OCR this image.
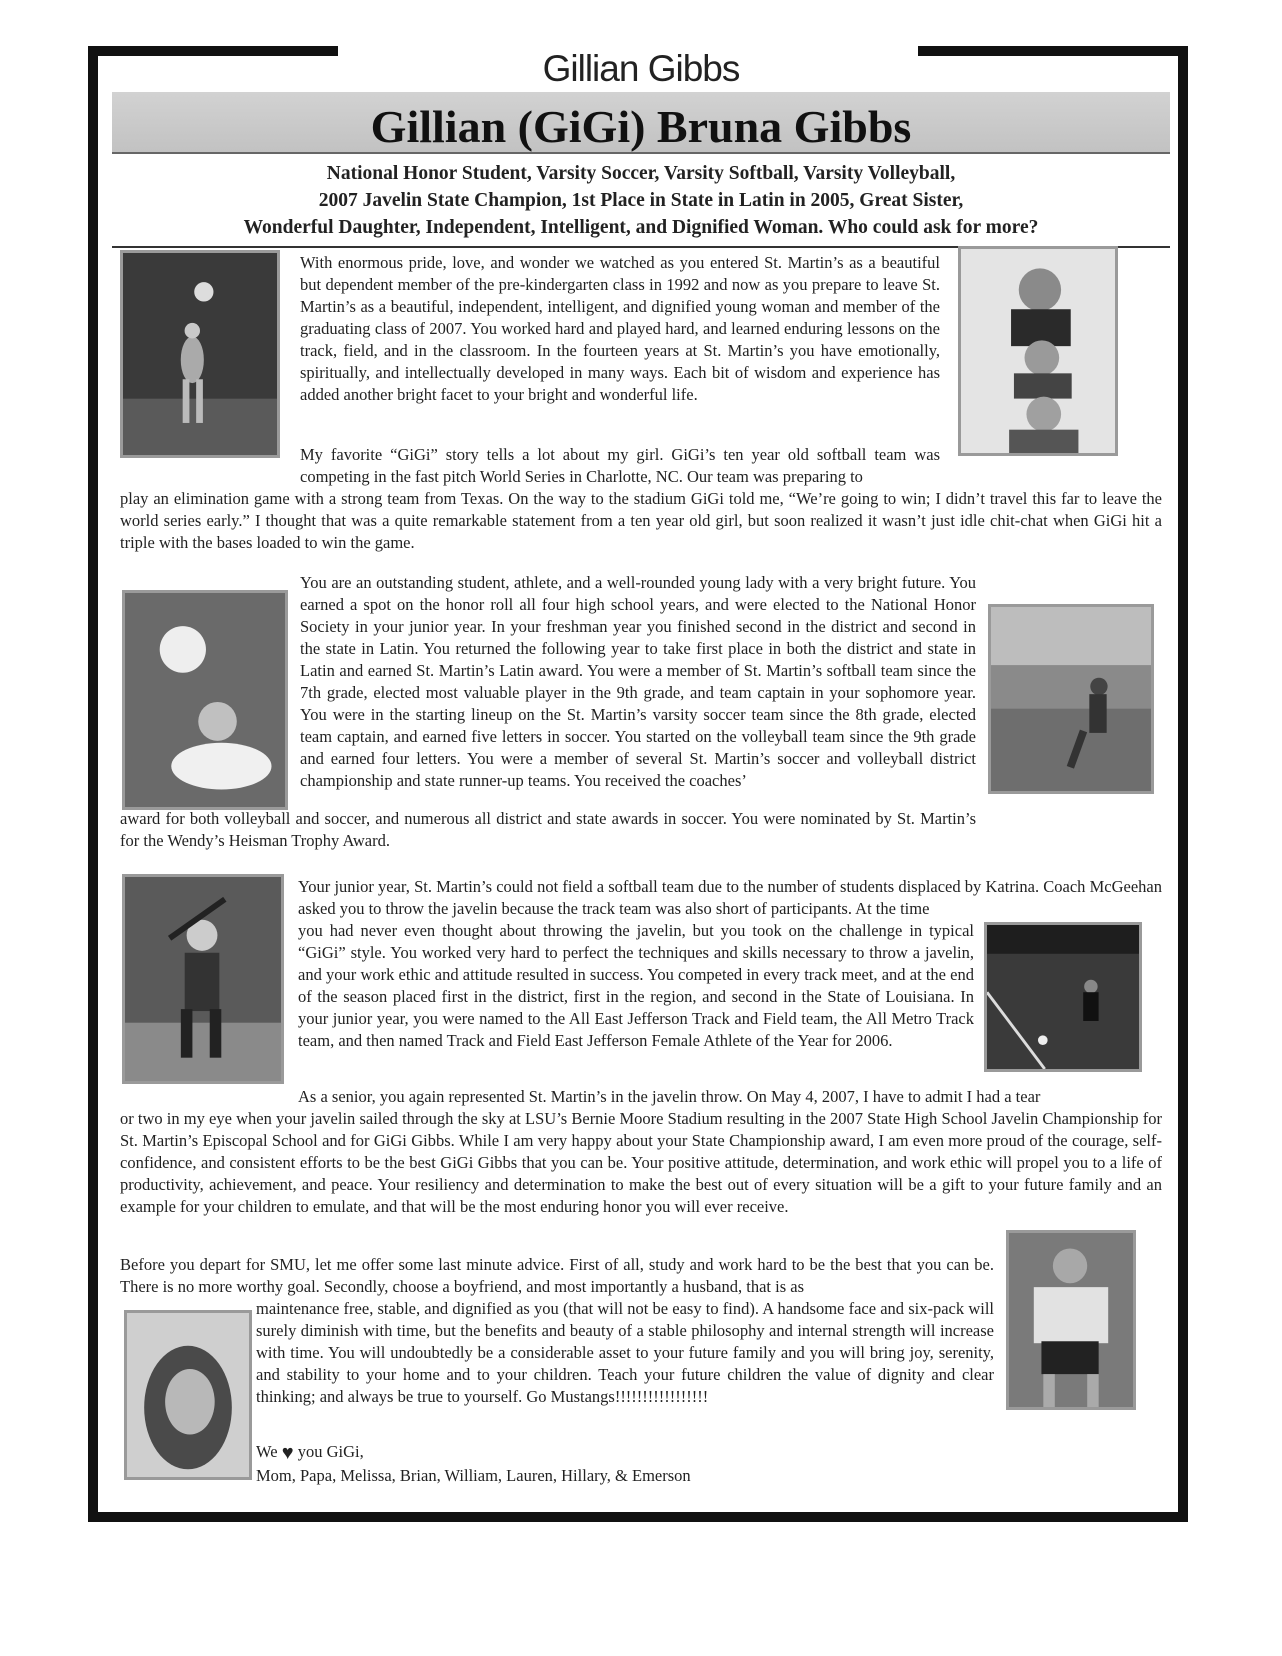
Gillian Gibbs
Gillian (GiGi) Bruna Gibbs
National Honor Student, Varsity Soccer, Varsity Softball, Varsity Volleyball,
2007 Javelin State Champion, 1st Place in State in Latin in 2005, Great Sister,
Wonderful Daughter, Independent, Intelligent, and Dignified Woman. Who could ask for more?

With enormous pride, love, and wonder we watched as you entered St. Martin’s as a beautiful but dependent member of the pre-kindergarten class in 1992 and now as you prepare to leave St. Martin’s as a beautiful, independent, intelligent, and dignified young woman and member of the graduating class of 2007. You worked hard and played hard, and learned enduring lessons on the track, field, and in the classroom. In the fourteen years at St. Martin’s you have emotionally, spiritually, and intellectually developed in many ways. Each bit of wisdom and experience has added another bright facet to your bright and wonderful life.

My favorite “GiGi” story tells a lot about my girl. GiGi’s ten year old softball team was competing in the fast pitch World Series in Charlotte, NC. Our team was preparing to

play an elimination game with a strong team from Texas. On the way to the stadium GiGi told me, “We’re going to win; I didn’t travel this far to leave the world series early.” I thought that was a quite remarkable statement from a ten year old girl, but soon realized it wasn’t just idle chit-chat when GiGi hit a triple with the bases loaded to win the game.

You are an outstanding student, athlete, and a well-rounded young lady with a very bright future. You earned a spot on the honor roll all four high school years, and were elected to the National Honor Society in your junior year. In your freshman year you finished second in the district and second in the state in Latin. You returned the following year to take first place in both the district and state in Latin and earned St. Martin’s Latin award. You were a member of St. Martin’s softball team since the 7th grade, elected most valuable player in the 9th grade, and team captain in your sophomore year. You were in the starting lineup on the St. Martin’s varsity soccer team since the 8th grade, elected team captain, and earned five letters in soccer. You started on the volleyball team since the 9th grade and earned four letters. You were a member of several St. Martin’s soccer and volleyball district championship and state runner-up teams. You received the coaches’

award for both volleyball and soccer, and numerous all district and state awards in soccer. You were nominated by St. Martin’s for the Wendy’s Heisman Trophy Award.

Your junior year, St. Martin’s could not field a softball team due to the number of students displaced by Katrina. Coach McGeehan asked you to throw the javelin because the track team was also short of participants. At the time

you had never even thought about throwing the javelin, but you took on the challenge in typical “GiGi” style. You worked very hard to perfect the techniques and skills necessary to throw a javelin, and your work ethic and attitude resulted in success. You competed in every track meet, and at the end of the season placed first in the district, first in the region, and second in the State of Louisiana. In your junior year, you were named to the All East Jefferson Track and Field team, the All Metro Track team, and then named Track and Field East Jefferson Female Athlete of the Year for 2006.

As a senior, you again represented St. Martin’s in the javelin throw. On May 4, 2007, I have to admit I had a tear

or two in my eye when your javelin sailed through the sky at LSU’s Bernie Moore Stadium resulting in the 2007 State High School Javelin Championship for St. Martin’s Episcopal School and for GiGi Gibbs. While I am very happy about your State Championship award, I am even more proud of the courage, self-confidence, and consistent efforts to be the best GiGi Gibbs that you can be. Your positive attitude, determination, and work ethic will propel you to a life of productivity, achievement, and peace. Your resiliency and determination to make the best out of every situation will be a gift to your future family and an example for your children to emulate, and that will be the most enduring honor you will ever receive.

Before you depart for SMU, let me offer some last minute advice. First of all, study and work hard to be the best that you can be. There is no more worthy goal. Secondly, choose a boyfriend, and most importantly a husband, that is as

maintenance free, stable, and dignified as you (that will not be easy to find). A handsome face and six-pack will surely diminish with time, but the benefits and beauty of a stable philosophy and internal strength will increase with time. You will undoubtedly be a considerable asset to your future family and you will bring joy, serenity, and stability to your home and to your children. Teach your future children the value of dignity and clear thinking; and always be true to yourself. Go Mustangs!!!!!!!!!!!!!!!!!

We ♥ you GiGi,
Mom, Papa, Melissa, Brian, William, Lauren, Hillary, & Emerson
